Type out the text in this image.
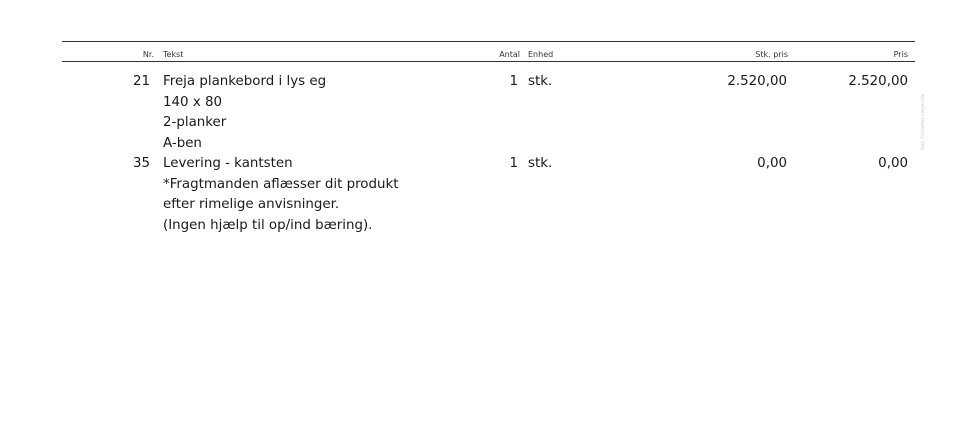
Nr. Tekst	Antal Enhed	Stk. pris	Pris
21 Freja plankebord i lys eg
140 x 80
2-planker
A-ben
1 stk.	2.520,00	2.520,00
35 Levering - kantsten
*Fragtmanden aflæsser dit produkt
efter rimelige anvisninger.
(Ingen hjælp til op/ind bæring).
1 stk.	0,00	0,00
Side: Fortsættes næste side
